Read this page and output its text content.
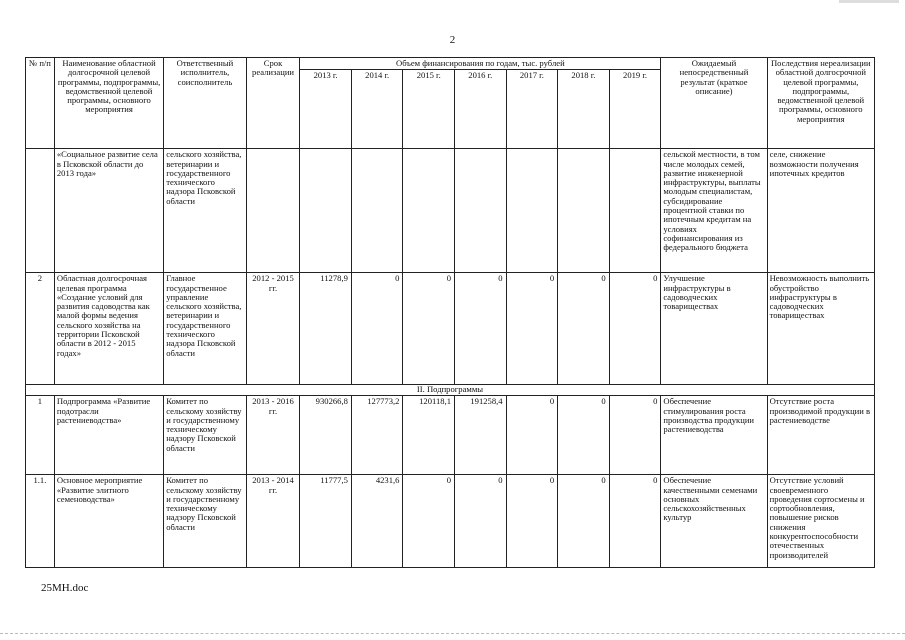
2
№ п/п	Наименование областной долгосрочной целевой программы, подпрограммы, ведомственной целевой программы, основного мероприятия	Ответственный исполнитель, соисполнитель	Срок реализации	Объем финансирования по годам, тыс. рублей							Ожидаемый непосредственный результат (краткое описание)	Последствия нереализации областной долгосрочной целевой программы, подпрограммы, ведомственной целевой программы, основного мероприятия
				2013 г.	2014 г.	2015 г.	2016 г.	2017 г.	2018 г.	2019 г.		
	«Социальное развитие села в Псковской области до 2013 года»	сельского хозяйства, ветеринарии и государственного технического надзора Псковской области									сельской местности, в том числе молодых семей, развитие инженерной инфраструктуры, выплаты молодым специалистам, субсидирование процентной ставки по ипотечным кредитам на условиях софинансирования из федерального бюджета	селе, снижение возможности получения ипотечных кредитов
2	Областная долгосрочная целевая программа «Создание условий для развития садоводства как малой формы ведения сельского хозяйства на территории Псковской области в 2012 - 2015 годах»	Главное государственное управление сельского хозяйства, ветеринарии и государственного технического надзора Псковской области	2012 - 2015 гг.	11278,9	0	0	0	0	0	0	Улучшение инфраструктуры в садоводческих товариществах	Невозможность выполнить обустройство инфраструктуры в садоводческих товариществах
II. Подпрограммы												
1	Подпрограмма «Развитие подотрасли растениеводства»	Комитет по сельскому хозяйству и государственному техническому надзору Псковской области	2013 - 2016 гг.	930266,8	127773,2	120118,1	191258,4	0	0	0	Обеспечение стимулирования роста производства продукции растениеводства	Отсутствие роста производимой продукции в растениеводстве
1.1.	Основное мероприятие «Развитие элитного семеноводства»	Комитет по сельскому хозяйству и государственному техническому надзору Псковской области	2013 - 2014 гг.	11777,5	4231,6	0	0	0	0	0	Обеспечение качественными семенами основных сельскохозяйственных культур	Отсутствие условий своевременного проведения сортосмены и сортообновления, повышение рисков снижения конкурентоспособности отечественных производителей
25MH.doc
